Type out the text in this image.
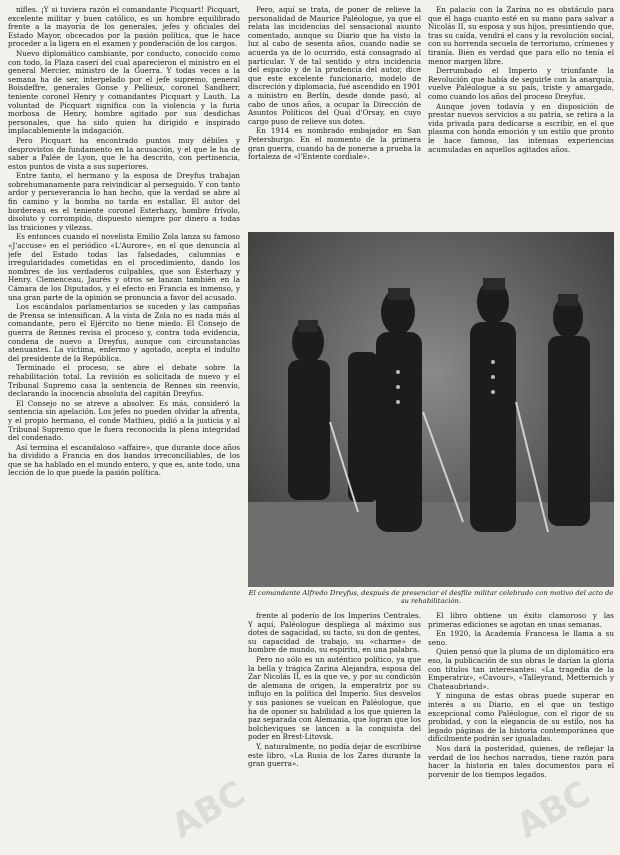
nifles. ¡Y si tuviera razón el comandante Picquart! Picquart, excelente militar y buen católico, es un hombre equilibrado frente a la mayoría de los generales, jefes y oficiales del Estado Mayor, obcecados por la pasión política, que le hace proceder a la ligera en el examen y ponderación de los cargos.

Nuevo diplomático cambiante, por conducto, conocido como con todo, la Plaza caserí del cual aparecieron el ministro en el general Mercier, ministro de la Guerra. Y todas veces a la semana ha de ser, interpelado por el jefe supremo, general Boisdeffre, generales Gonse y Pellieux, coronel Sandherr, teniente coronel Henry y comandantes Picquart y Lauth. La voluntad de Picquart significa con la violencia y la furia morbosa de Henry, hombre agitado por sus desdichas personales, que ha sido quien ha dirigido e inspirado implacablemente la indagación.

Pero Picquart ha encontrado puntos muy débiles y desprovistos de fundamento en la acusación, y el que le ha de saber a Palée de Lyon, que le ha descrito, con pertinencia, estos puntos de vista a sus superiores.

Entre tanto, el hermano y la esposa de Dreyfus trabajan sobrehumanamente para reivindicar al perseguido. Y con tanto ardor y perseverancia lo han hecho, que la verdad se abre al fin camino y la bomba no tarda en estallar. El autor del bordereau es el teniente coronel Esterhazy, hombre frívolo, disoluto y corrompido, dispuesto siempre por dinero a todas las traiciones y vilezas.

Es entonces cuando el novelista Emilio Zola lanza su famoso «J'accuse» en el periódico «L'Aurore», en el que denuncia al jefe del Estado todas las falsedades, calumnias e irregularidades cometidas en el procedimiento, dando los nombres de los verdaderos culpables, que son Esterhazy y Henry. Clemenceau, Jaurès y otros se lanzan también en la Cámara de los Diputados, y el efecto en Francia es inmenso, y una gran parte de la opinión se pronuncia a favor del acusado.

Los escándalos parlamentarios se suceden y las campañas de Prensa se intensifican. A la vista de Zola no es nada más al comandante, pero el Ejército no tiene miedo. El Consejo de guerra de Rennes revisa el proceso y, contra toda evidencia, condena de nuevo a Dreyfus, aunque con circunstancias atenuantes. La víctima, enfermo y agotado, acepta el indulto del presidente de la República.

Terminado el proceso, se abre el debate sobre la rehabilitación total. La revisión es solicitada de nuevo y el Tribunal Supremo casa la sentencia de Rennes sin reenvío, declarando la inocencia absoluta del capitán Dreyfus.

El Consejo no se atreve a absolver. Es más, consideró la sentencia sin apelación. Los jefes no pueden olvidar la afrenta, y el propio hermano, el conde Mathieu, pidió a la justicia y al Tribunal Supremo que le fuera reconocida la plena integridad del condenado.

Así termina el escandaloso «affaire», que durante doce años ha dividido a Francia en dos bandos irreconciliables, de los que se ha hablado en el mundo entero, y que es, ante todo, una lección de lo que puede la pasión política.

Pero, aquí se trata, de poner de relieve la personalidad de Maurice Paléologue, ya que el relata las incidencias del sensacional asunto comentado, aunque su Diario que ha visto la luz al cabo de sesenta años, cuando nadie se acuerda ya de lo ocurrido, está consagrado al particular. Y de tal sentido y otra incidencia del espacio y de la prudencia del autor, dice que este excelente funcionario, modelo de discreción y diplomacia, fué ascendido en 1901 a ministro en Berlín, desde donde pasó, al cabo de unos años, a ocupar la Dirección de Asuntos Políticos del Quai d'Orsay, en cuyo cargo puso de relieve sus dotes.

En 1914 es nombrado embajador en San Petersburgo. En el momento de la primera gran guerra, cuando ha de ponerse a prueba la fortaleza de «l'Entente cordiale».

En palacio con la Zarina no es obstáculo para que él haga cuanto esté en su mano para salvar a Nicolás II, su esposa y sus hijos, presintiendo que, tras su caída, vendrá el caos y la revolución social, con su horrenda secuela de terrorismo, crímenes y tiranía. Bien es verdad que para ello no tenía el menor margen libre.

Derrumbado el Imperio y triunfante la Revolución que había de seguirle con la anarquía, vuelve Paléologue a su país, triste y amargado, como cuando los años del proceso Dreyfus.

Aunque joven todavía y en disposición de prestar nuevos servicios a su patria, se retira a la vida privada para dedicarse a escribir, en el que plasma con honda emoción y un estilo que pronto le hace famoso, las intensas experiencias acumuladas en aquellos agitados años.

El comandante Alfredo Dreyfus, después de presenciar el desfile militar celebrado con motivo del acto de su rehabilitación.

frente al poderío de los Imperios Centrales. Y aquí, Paléologue despliega al máximo sus dotes de sagacidad, su tacto, su don de gentes, su capacidad de trabajo, su «charme» de hombre de mundo, su espíritu, en una palabra.

Pero no sólo es un auténtico político, ya que la bella y trágica Zarina Alejandra, esposa del Zar Nicolás II, es la que ve, y por su condición de alemana de origen, la emperatriz por su influjo en la política del Imperio. Sus desvelos y sus pasiones se vuelcan en Paléologue, que ha de oponer su habilidad a los que quieren la paz separada con Alemania, que logran que los bolcheviques se lancen a la conquista del poder en Brest-Litovsk.

Y, naturalmente, no podía dejar de escribirse este libro, «La Rusia de los Zares durante la gran guerra».

El libro obtiene un éxito clamoroso y las primeras ediciones se agotan en unas semanas.

En 1920, la Academia Francesa le llama a su seno.

Quien pensó que la pluma de un diplomático era eso, la publicación de sus obras le darían la gloria con títulos tan interesantes: «La tragedia de la Emperatriz», «Cavour», «Talleyrand, Metternich y Chateaubriand».

Y ninguna de estas obras puede superar en interés a su Diario, en el que un testigo excepcional como Paléologue, con el rigor de su probidad, y con la elegancia de su estilo, nos ha legado páginas de la historia contemporánea que difícilmente podrán ser igualadas.

Nos dará la posteridad, quienes, de reflejar la verdad de los hechos narrados, tiene razón para hacer la historia en tales documentos para el porvenir de los tiempos legados.

ABC	ABC
